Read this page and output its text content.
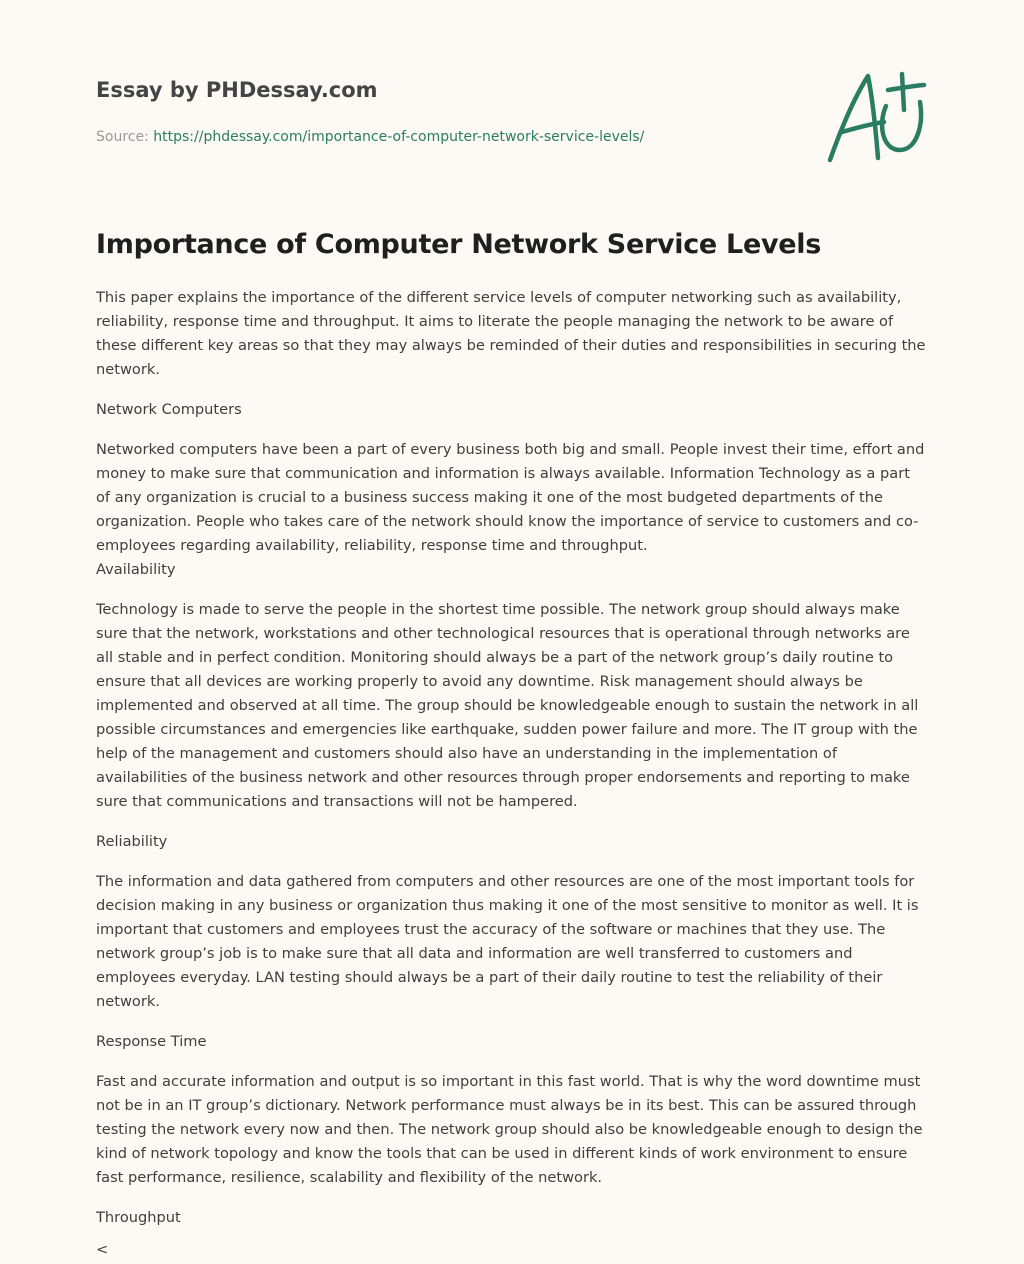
Essay by PHDessay.com

Source: https://phdessay.com/importance-of-computer-network-service-levels/
Importance of Computer Network Service Levels

This paper explains the importance of the different service levels of computer networking such as availability, reliability, response time and throughput. It aims to literate the people managing the network to be aware of these different key areas so that they may always be reminded of their duties and responsibilities in securing the network.

Network Computers

Networked computers have been a part of every business both big and small. People invest their time, effort and money to make sure that communication and information is always available. Information Technology as a part of any organization is crucial to a business success making it one of the most budgeted departments of the organization. People who takes care of the network should know the importance of service to customers and co-employees regarding availability, reliability, response time and throughput.

Availability

Technology is made to serve the people in the shortest time possible. The network group should always make sure that the network, workstations and other technological resources that is operational through networks are all stable and in perfect condition. Monitoring should always be a part of the network group’s daily routine to ensure that all devices are working properly to avoid any downtime. Risk management should always be implemented and observed at all time. The group should be knowledgeable enough to sustain the network in all possible circumstances and emergencies like earthquake, sudden power failure and more. The IT group with the help of the management and customers should also have an understanding in the implementation of availabilities of the business network and other resources through proper endorsements and reporting to make sure that communications and transactions will not be hampered.

Reliability

The information and data gathered from computers and other resources are one of the most important tools for decision making in any business or organization thus making it one of the most sensitive to monitor as well. It is important that customers and employees trust the accuracy of the software or machines that they use. The network group’s job is to make sure that all data and information are well transferred to customers and employees everyday. LAN testing should always be a part of their daily routine to test the reliability of their network.

Response Time

Fast and accurate information and output is so important in this fast world. That is why the word downtime must not be in an IT group’s dictionary. Network performance must always be in its best. This can be assured through testing the network every now and then. The network group should also be knowledgeable enough to design the kind of network topology and know the tools that can be used in different kinds of work environment to ensure fast performance, resilience, scalability and flexibility of the network.

Throughput

<
